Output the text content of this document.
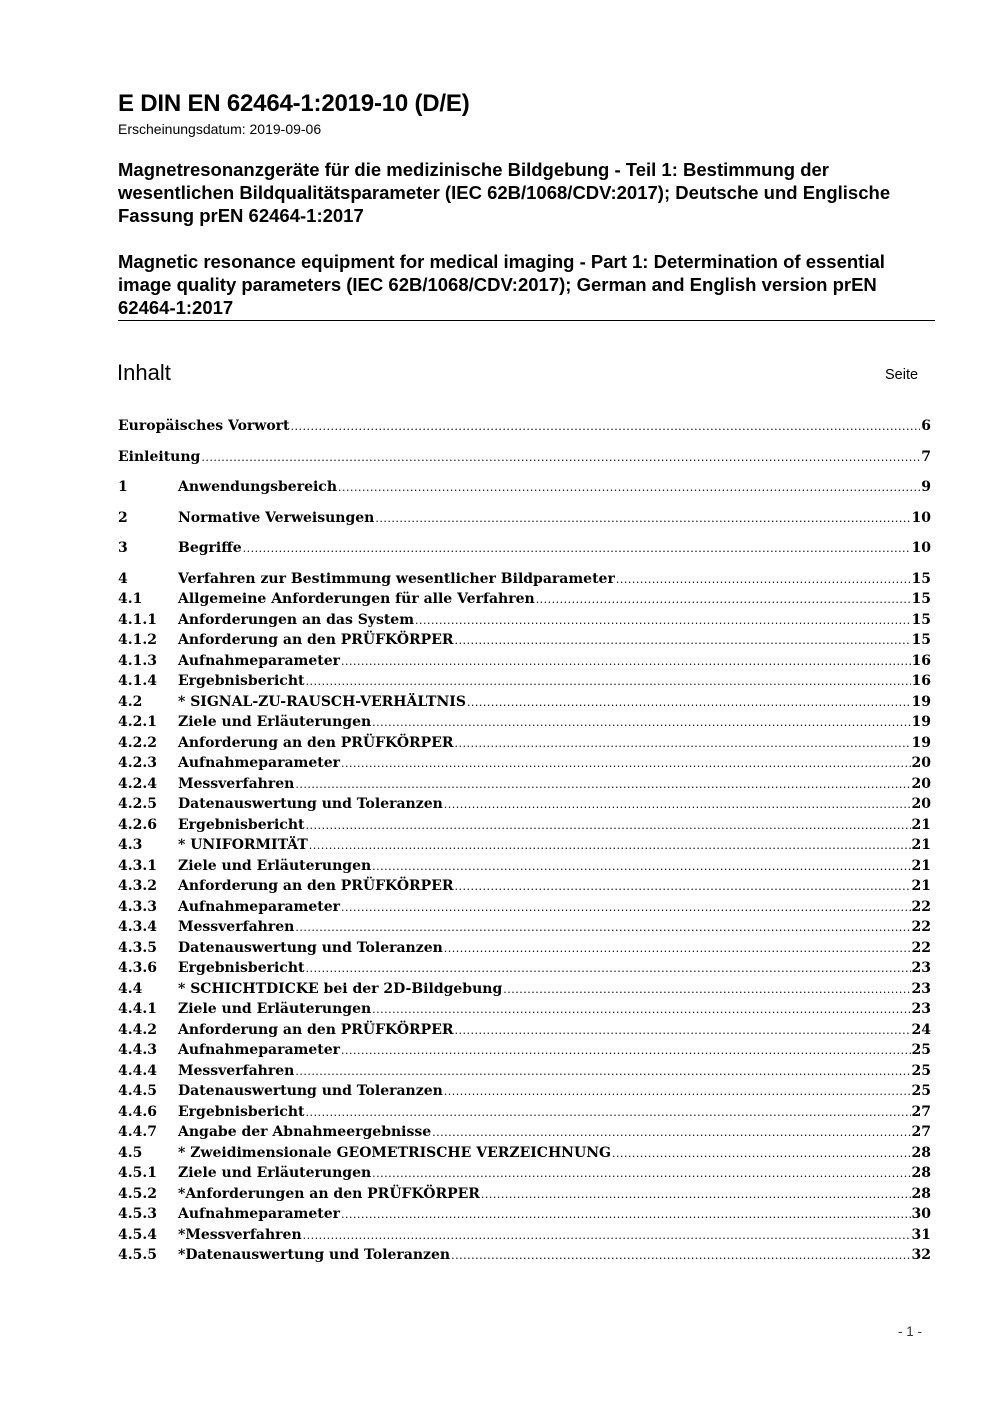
E DIN EN 62464-1:2019-10 (D/E)
Erscheinungsdatum: 2019-09-06
Magnetresonanzgeräte für die medizinische Bildgebung - Teil 1: Bestimmung der wesentlichen Bildqualitätsparameter (IEC 62B/1068/CDV:2017); Deutsche und Englische Fassung prEN 62464-1:2017
Magnetic resonance equipment for medical imaging - Part 1: Determination of essential image quality parameters (IEC 62B/1068/CDV:2017); German and English version prEN 62464-1:2017
Inhalt	Seite
Europäisches Vorwort .....	6
Einleitung .....	7
1	Anwendungsbereich .....	9
2	Normative Verweisungen .....	10
3	Begriffe .....	10
4	Verfahren zur Bestimmung wesentlicher Bildparameter .....	15
4.1	Allgemeine Anforderungen für alle Verfahren .....	15
4.1.1	Anforderungen an das System .....	15
4.1.2	Anforderung an den PRÜFKÖRPER .....	15
4.1.3	Aufnahmeparameter .....	16
4.1.4	Ergebnisbericht .....	16
4.2	* SIGNAL-ZU-RAUSCH-VERHÄLTNIS .....	19
4.2.1	Ziele und Erläuterungen .....	19
4.2.2	Anforderung an den PRÜFKÖRPER .....	19
4.2.3	Aufnahmeparameter .....	20
4.2.4	Messverfahren .....	20
4.2.5	Datenauswertung und Toleranzen .....	20
4.2.6	Ergebnisbericht .....	21
4.3	* UNIFORMITÄT .....	21
4.3.1	Ziele und Erläuterungen .....	21
4.3.2	Anforderung an den PRÜFKÖRPER .....	21
4.3.3	Aufnahmeparameter .....	22
4.3.4	Messverfahren .....	22
4.3.5	Datenauswertung und Toleranzen .....	22
4.3.6	Ergebnisbericht .....	23
4.4	* SCHICHTDICKE bei der 2D-Bildgebung .....	23
4.4.1	Ziele und Erläuterungen .....	23
4.4.2	Anforderung an den PRÜFKÖRPER .....	24
4.4.3	Aufnahmeparameter .....	25
4.4.4	Messverfahren .....	25
4.4.5	Datenauswertung und Toleranzen .....	25
4.4.6	Ergebnisbericht .....	27
4.4.7	Angabe der Abnahmeergebnisse .....	27
4.5	* Zweidimensionale GEOMETRISCHE VERZEICHNUNG .....	28
4.5.1	Ziele und Erläuterungen .....	28
4.5.2	*Anforderungen an den PRÜFKÖRPER .....	28
4.5.3	Aufnahmeparameter .....	30
4.5.4	*Messverfahren .....	31
4.5.5	*Datenauswertung und Toleranzen .....	32
- 1 -
